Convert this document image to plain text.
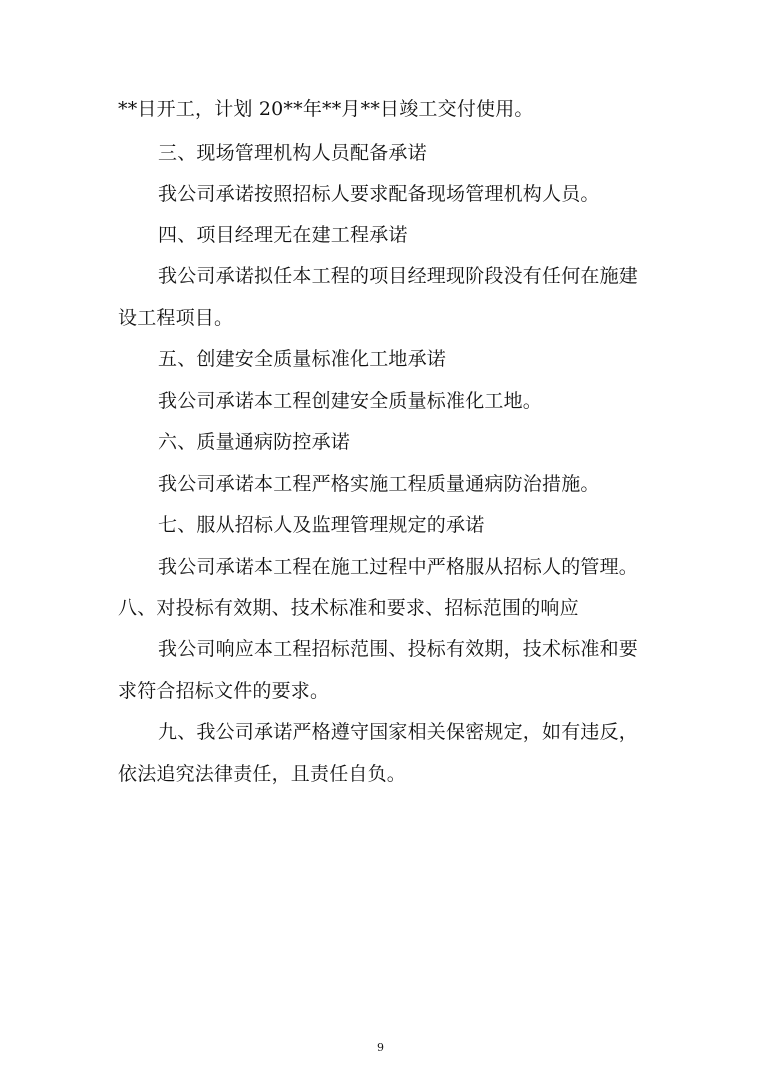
**日开工，计划 20**年**月**日竣工交付使用。
三、现场管理机构人员配备承诺
我公司承诺按照招标人要求配备现场管理机构人员。
四、项目经理无在建工程承诺
我公司承诺拟任本工程的项目经理现阶段没有任何在施建
设工程项目。
五、创建安全质量标准化工地承诺
我公司承诺本工程创建安全质量标准化工地。
六、质量通病防控承诺
我公司承诺本工程严格实施工程质量通病防治措施。
七、服从招标人及监理管理规定的承诺
我公司承诺本工程在施工过程中严格服从招标人的管理。
八、对投标有效期、技术标准和要求、招标范围的响应
我公司响应本工程招标范围、投标有效期，技术标准和要
求符合招标文件的要求。
九、我公司承诺严格遵守国家相关保密规定，如有违反，
依法追究法律责任，且责任自负。
9
